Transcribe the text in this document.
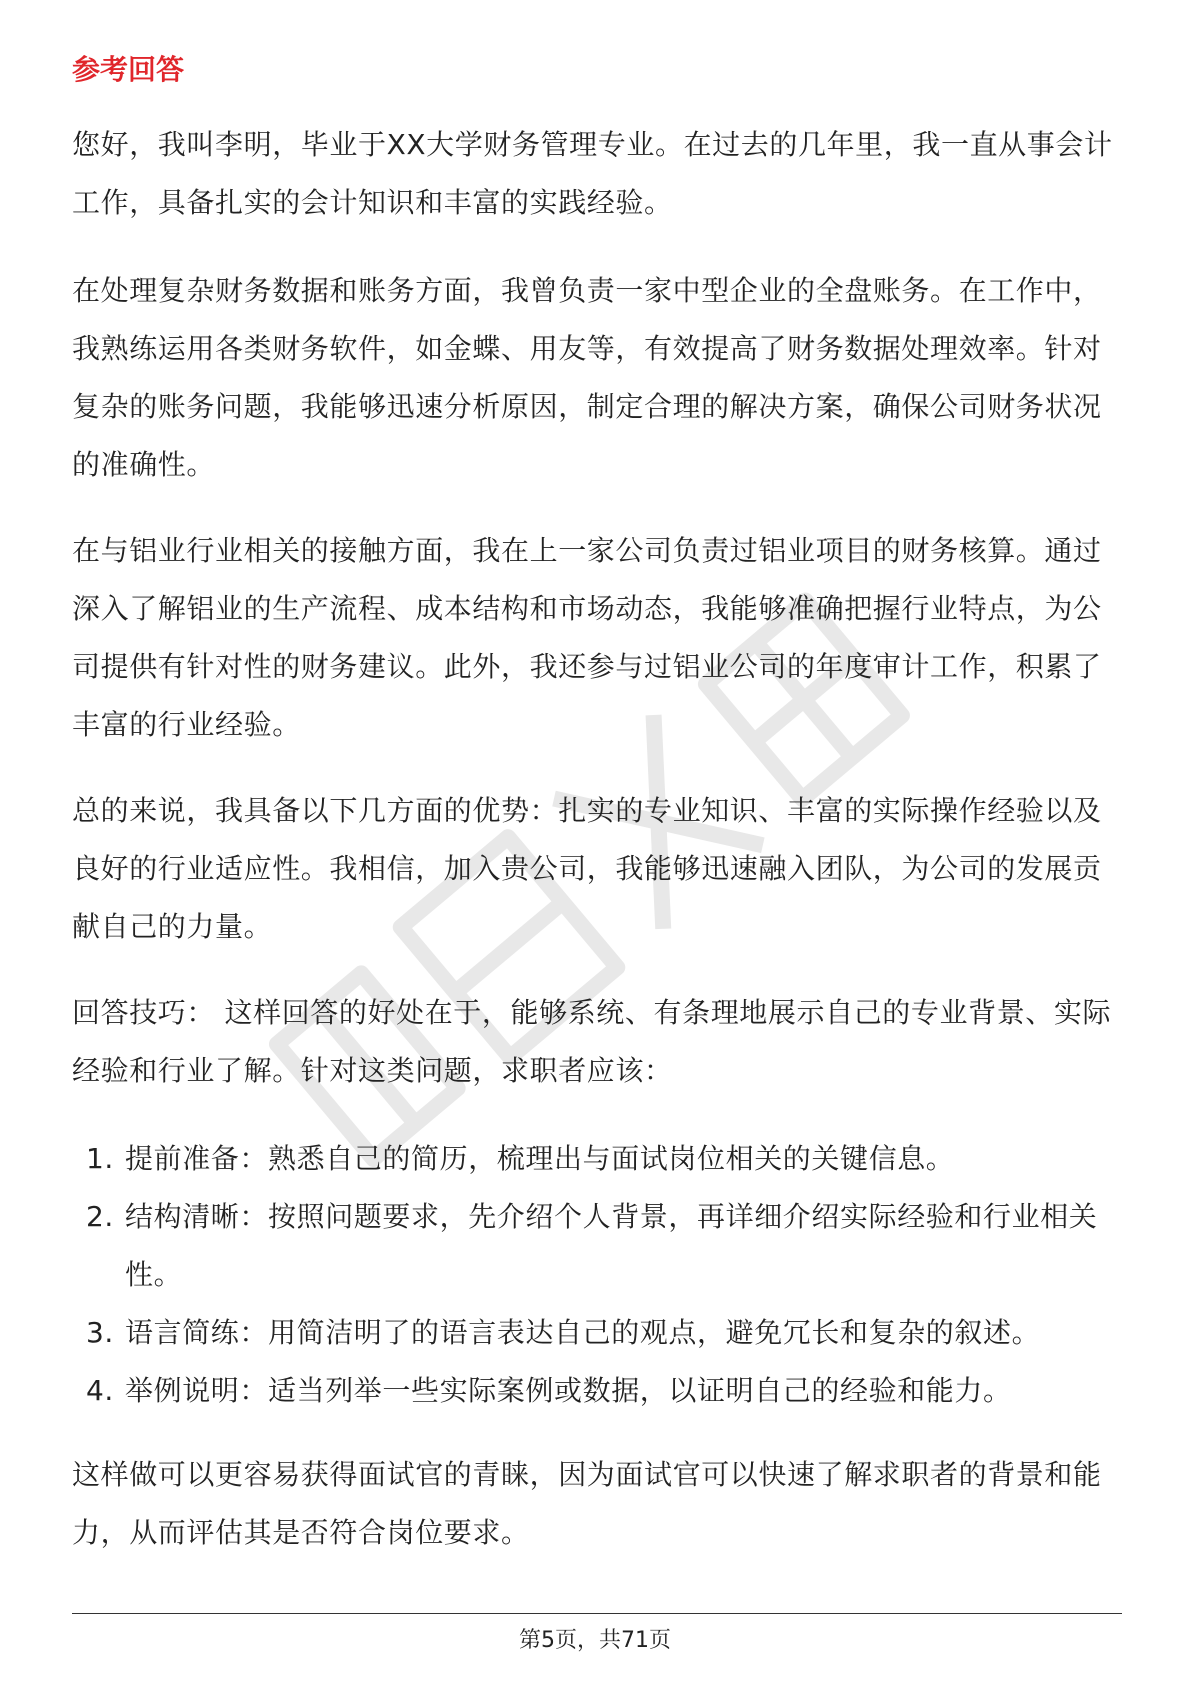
参考回答

您好，我叫李明，毕业于XX大学财务管理专业。在过去的几年里，我一直从事会计工作，具备扎实的会计知识和丰富的实践经验。

在处理复杂财务数据和账务方面，我曾负责一家中型企业的全盘账务。在工作中，我熟练运用各类财务软件，如金蝶、用友等，有效提高了财务数据处理效率。针对复杂的账务问题，我能够迅速分析原因，制定合理的解决方案，确保公司财务状况的准确性。

在与铝业行业相关的接触方面，我在上一家公司负责过铝业项目的财务核算。通过深入了解铝业的生产流程、成本结构和市场动态，我能够准确把握行业特点，为公司提供有针对性的财务建议。此外，我还参与过铝业公司的年度审计工作，积累了丰富的行业经验。

总的来说，我具备以下几方面的优势：扎实的专业知识、丰富的实际操作经验以及良好的行业适应性。我相信，加入贵公司，我能够迅速融入团队，为公司的发展贡献自己的力量。

回答技巧： 这样回答的好处在于，能够系统、有条理地展示自己的专业背景、实际经验和行业了解。针对这类问题，求职者应该：

1. 提前准备：熟悉自己的简历，梳理出与面试岗位相关的关键信息。
2. 结构清晰：按照问题要求，先介绍个人背景，再详细介绍实际经验和行业相关性。
3. 语言简练：用简洁明了的语言表达自己的观点，避免冗长和复杂的叙述。
4. 举例说明：适当列举一些实际案例或数据，以证明自己的经验和能力。

这样做可以更容易获得面试官的青睐，因为面试官可以快速了解求职者的背景和能力，从而评估其是否符合岗位要求。

第5页，共71页
